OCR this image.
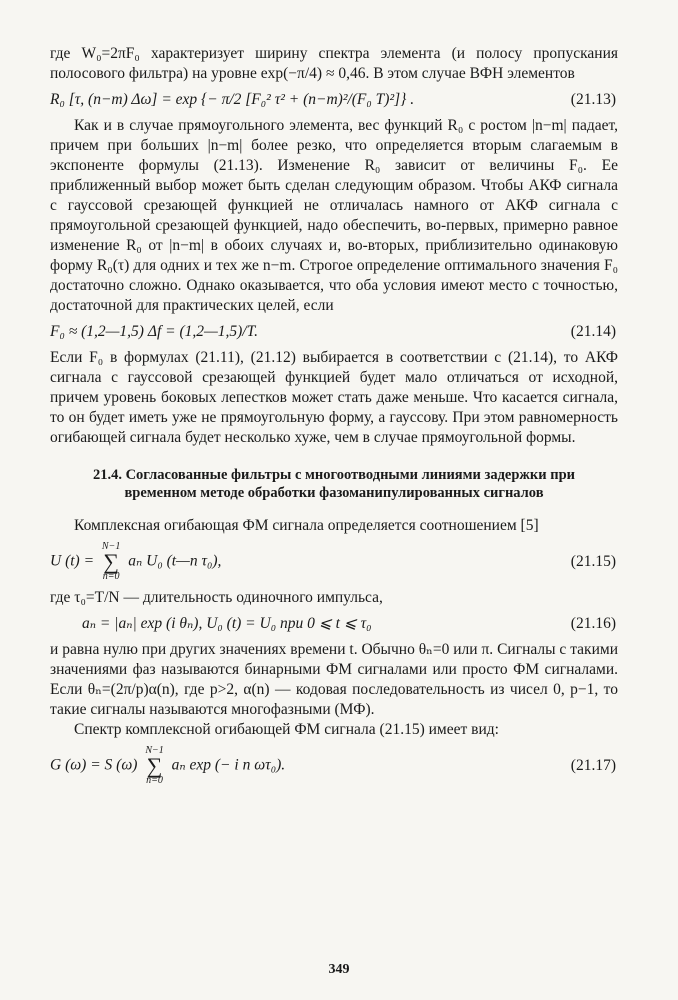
где W₀=2πF₀ характеризует ширину спектра элемента (и полосу пропускания полосового фильтра) на уровне exp(−π/4) ≈ 0,46. В этом случае ВФН элементов

R₀ [τ, (n−m) Δω] = exp {− π/2 [F₀² τ² + (n−m)²/(F₀ T)²]} .	(21.13)

Как и в случае прямоугольного элемента, вес функций R₀ с ростом |n−m| падает, причем при больших |n−m| более резко, что определяется вторым слагаемым в экспоненте формулы (21.13). Изменение R₀ зависит от величины F₀. Ее приближенный выбор может быть сделан следующим образом. Чтобы АКФ сигнала с гауссовой срезающей функцией не отличалась намного от АКФ сигнала с прямоугольной срезающей функцией, надо обеспечить, во-первых, примерно равное изменение R₀ от |n−m| в обоих случаях и, во-вторых, приблизительно одинаковую форму R₀(τ) для одних и тех же n−m. Строгое определение оптимального значения F₀ достаточно сложно. Однако оказывается, что оба условия имеют место с точностью, достаточной для практических целей, если

F₀ ≈ (1,2—1,5) Δf = (1,2—1,5)/T.	(21.14)

Если F₀ в формулах (21.11), (21.12) выбирается в соответствии с (21.14), то АКФ сигнала с гауссовой срезающей функцией будет мало отличаться от исходной, причем уровень боковых лепестков может стать даже меньше. Что касается сигнала, то он будет иметь уже не прямоугольную форму, а гауссову. При этом равномерность огибающей сигнала будет несколько хуже, чем в случае прямоугольной формы.

21.4. Согласованные фильтры с многоотводными линиями задержки при временном методе обработки фазоманипулированных сигналов

Комплексная огибающая ФМ сигнала определяется соотношением [5]

U (t) =
N−1
∑
n=0
aₙ U₀ (t—n τ₀),	(21.15)

где τ₀=T/N — длительность одиночного импульса,

aₙ = |aₙ| exp (i θₙ), U₀ (t) = U₀ при 0 ⩽ t ⩽ τ₀	(21.16)

и равна нулю при других значениях времени t. Обычно θₙ=0 или π. Сигналы с такими значениями фаз называются бинарными ФМ сигналами или просто ФМ сигналами. Если θₙ=(2π/p)α(n), где p>2, α(n) — кодовая последовательность из чисел 0, p−1, то такие сигналы называются многофазными (МФ).

Спектр комплексной огибающей ФМ сигнала (21.15) имеет вид:

G (ω) = S (ω)
N−1
∑
n=0
aₙ exp (− i n ωτ₀).	(21.17)
349
